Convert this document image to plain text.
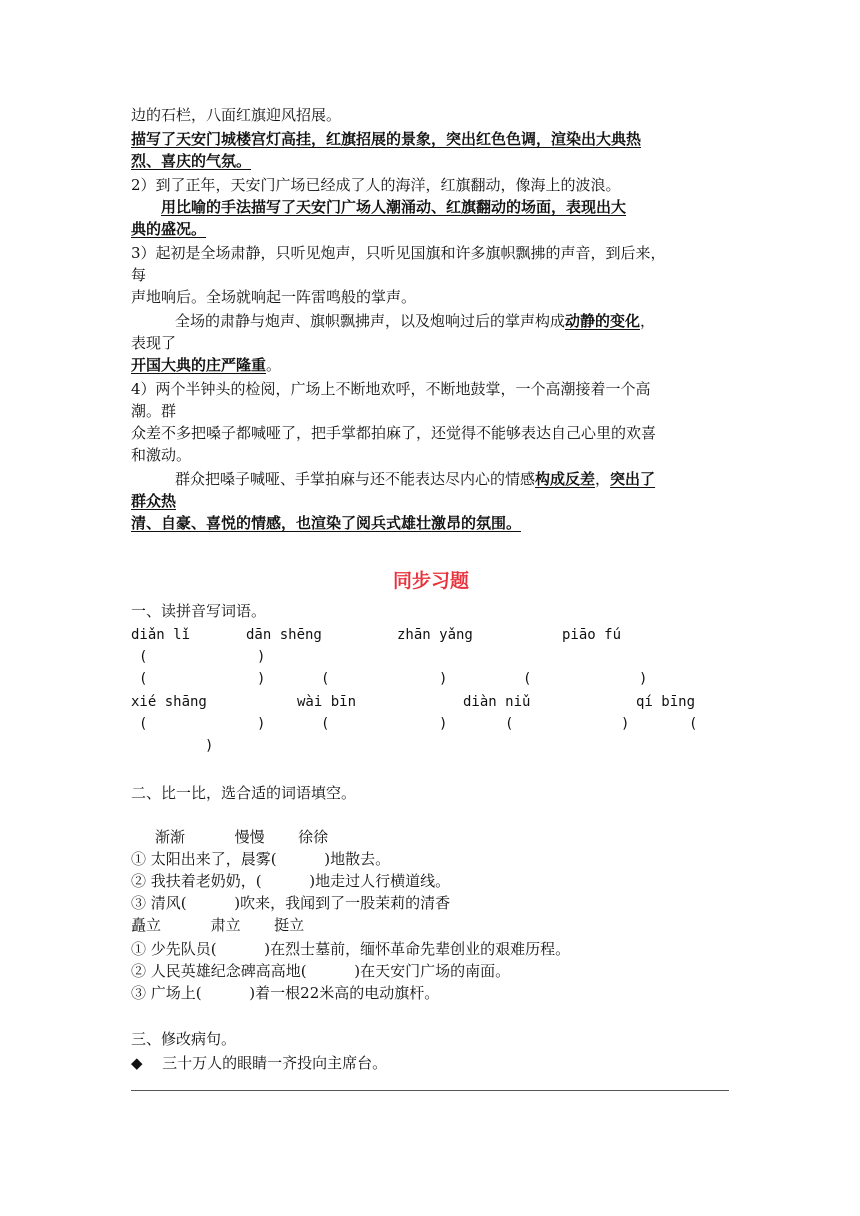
边的石栏，八面红旗迎风招展。
描写了天安门城楼宫灯高挂，红旗招展的景象，突出红色色调，渲染出大典热
烈、喜庆的气氛。
2）到了正年，天安门广场已经成了人的海洋，红旗翻动，像海上的波浪。
用比喻的手法描写了天安门广场人潮涌动、红旗翻动的场面，表现出大
典的盛况。
3）起初是全场肃静，只听见炮声，只听见国旗和许多旗帜飘拂的声音，到后来，
每
声地响后。全场就响起一阵雷鸣般的掌声。
全场的肃静与炮声、旗帜飘拂声，以及炮响过后的掌声构成动静的变化，
表现了
开国大典的庄严隆重。
4）两个半钟头的检阅，广场上不断地欢呼，不断地鼓掌，一个高潮接着一个高
潮。群
众差不多把嗓子都喊哑了，把手掌都拍麻了，还觉得不能够表达自己心里的欢喜
和激动。
群众把嗓子喊哑、手掌拍麻与还不能表达尽内心的情感构成反差，突出了
群众热
清、自豪、喜悦的情感，也渲染了阅兵式雄壮激昂的氛围。
同步习题
一、读拼音写词语。
diǎn lǐ	dān shēng	zhān yǎng	piāo fú
(	)
(	)	(	)	(	)
xié shāng	wài bīn	diàn niǔ	qí bīng
(	)	(	)	(	)	(
)
二、比一比，选合适的词语填空。
渐渐	慢慢 徐徐
① 太阳出来了，晨雾(          )地散去。
② 我扶着老奶奶，(          )地走过人行横道线。
③ 清风(          )吹来，我闻到了一股茉莉的清香
矗立	肃立 挺立
① 少先队员(          )在烈士墓前，缅怀革命先辈创业的艰难历程。
② 人民英雄纪念碑高高地(          )在天安门广场的南面。
③ 广场上(          )着一根22米高的电动旗杆。
三、修改病句。
◆ 三十万人的眼睛一齐投向主席台。
